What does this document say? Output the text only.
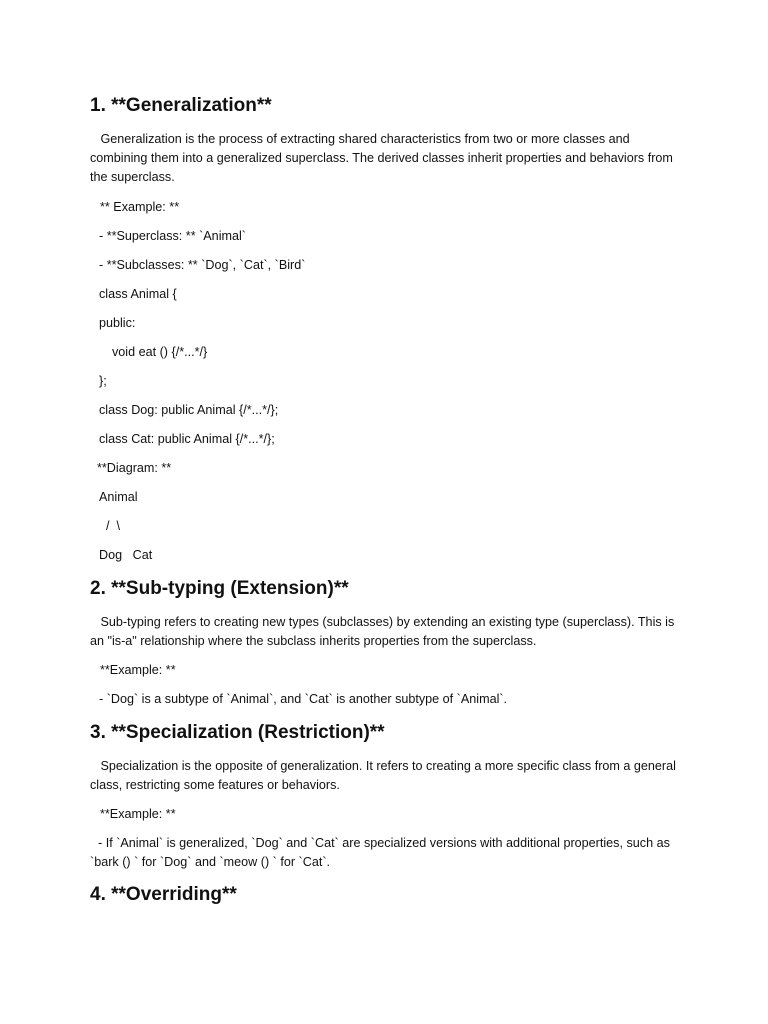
1. **Generalization**
Generalization is the process of extracting shared characteristics from two or more classes and combining them into a generalized superclass. The derived classes inherit properties and behaviors from the superclass.
** Example: **
- **Superclass: ** `Animal`
- **Subclasses: ** `Dog`, `Cat`, `Bird`
class Animal {
public:
void eat () {/*...*/}
};
class Dog: public Animal {/*...*/};
class Cat: public Animal {/*...*/};
**Diagram: **
Animal
/  \
Dog   Cat
2. **Sub-typing (Extension)**
Sub-typing refers to creating new types (subclasses) by extending an existing type (superclass). This is an "is-a" relationship where the subclass inherits properties from the superclass.
**Example: **
- `Dog` is a subtype of `Animal`, and `Cat` is another subtype of `Animal`.
3. **Specialization (Restriction)**
Specialization is the opposite of generalization. It refers to creating a more specific class from a general class, restricting some features or behaviors.
**Example: **
- If `Animal` is generalized, `Dog` and `Cat` are specialized versions with additional properties, such as
`bark () ` for `Dog` and `meow () ` for `Cat`.
4. **Overriding**
